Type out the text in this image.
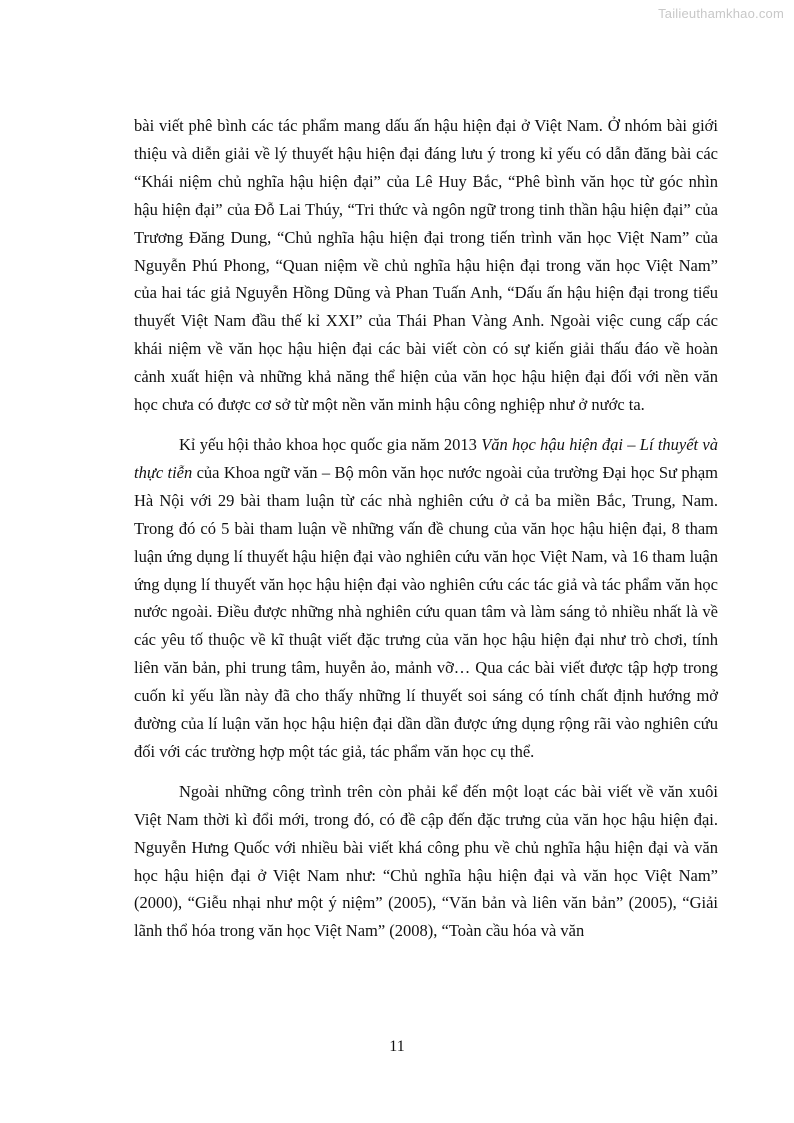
Tailieuthamkhao.com

bài viết phê bình các tác phẩm mang dấu ấn hậu hiện đại ở Việt Nam. Ở nhóm bài giới thiệu và diễn giải về lý thuyết hậu hiện đại đáng lưu ý trong kỉ yếu có dẫn đăng bài các “Khái niệm chủ nghĩa hậu hiện đại” của Lê Huy Bắc, “Phê bình văn học từ góc nhìn hậu hiện đại” của Đỗ Lai Thúy, “Tri thức và ngôn ngữ trong tinh thần hậu hiện đại” của Trương Đăng Dung, “Chủ nghĩa hậu hiện đại trong tiến trình văn học Việt Nam” của Nguyễn Phú Phong, “Quan niệm về chủ nghĩa hậu hiện đại trong văn học Việt Nam” của hai tác giả Nguyễn Hồng Dũng và Phan Tuấn Anh, “Dấu ấn hậu hiện đại trong tiểu thuyết Việt Nam đầu thế kỉ XXI” của Thái Phan Vàng Anh. Ngoài việc cung cấp các khái niệm về văn học hậu hiện đại các bài viết còn có sự kiến giải thấu đáo về hoàn cảnh xuất hiện và những khả năng thể hiện của văn học hậu hiện đại đối với nền văn học chưa có được cơ sở từ một nền văn minh hậu công nghiệp như ở nước ta.

Kỉ yếu hội thảo khoa học quốc gia năm 2013 Văn học hậu hiện đại – Lí thuyết và thực tiễn của Khoa ngữ văn – Bộ môn văn học nước ngoài của trường Đại học Sư phạm Hà Nội với 29 bài tham luận từ các nhà nghiên cứu ở cả ba miền Bắc, Trung, Nam. Trong đó có 5 bài tham luận về những vấn đề chung của văn học hậu hiện đại, 8 tham luận ứng dụng lí thuyết hậu hiện đại vào nghiên cứu văn học Việt Nam, và 16 tham luận ứng dụng lí thuyết văn học hậu hiện đại vào nghiên cứu các tác giả và tác phẩm văn học nước ngoài. Điều được những nhà nghiên cứu quan tâm và làm sáng tỏ nhiều nhất là về các yêu tố thuộc về kĩ thuật viết đặc trưng của văn học hậu hiện đại như trò chơi, tính liên văn bản, phi trung tâm, huyễn ảo, mảnh vỡ… Qua các bài viết được tập hợp trong cuốn kỉ yếu lần này đã cho thấy những lí thuyết soi sáng có tính chất định hướng mở đường của lí luận văn học hậu hiện đại dần dần được ứng dụng rộng rãi vào nghiên cứu đối với các trường hợp một tác giả, tác phẩm văn học cụ thể.

Ngoài những công trình trên còn phải kể đến một loạt các bài viết về văn xuôi Việt Nam thời kì đổi mới, trong đó, có đề cập đến đặc trưng của văn học hậu hiện đại. Nguyễn Hưng Quốc với nhiều bài viết khá công phu về chủ nghĩa hậu hiện đại và văn học hậu hiện đại ở Việt Nam như: “Chủ nghĩa hậu hiện đại và văn học Việt Nam” (2000), “Giễu nhại như một ý niệm” (2005), “Văn bản và liên văn bản” (2005), “Giải lãnh thổ hóa trong văn học Việt Nam” (2008), “Toàn cầu hóa và văn

11
